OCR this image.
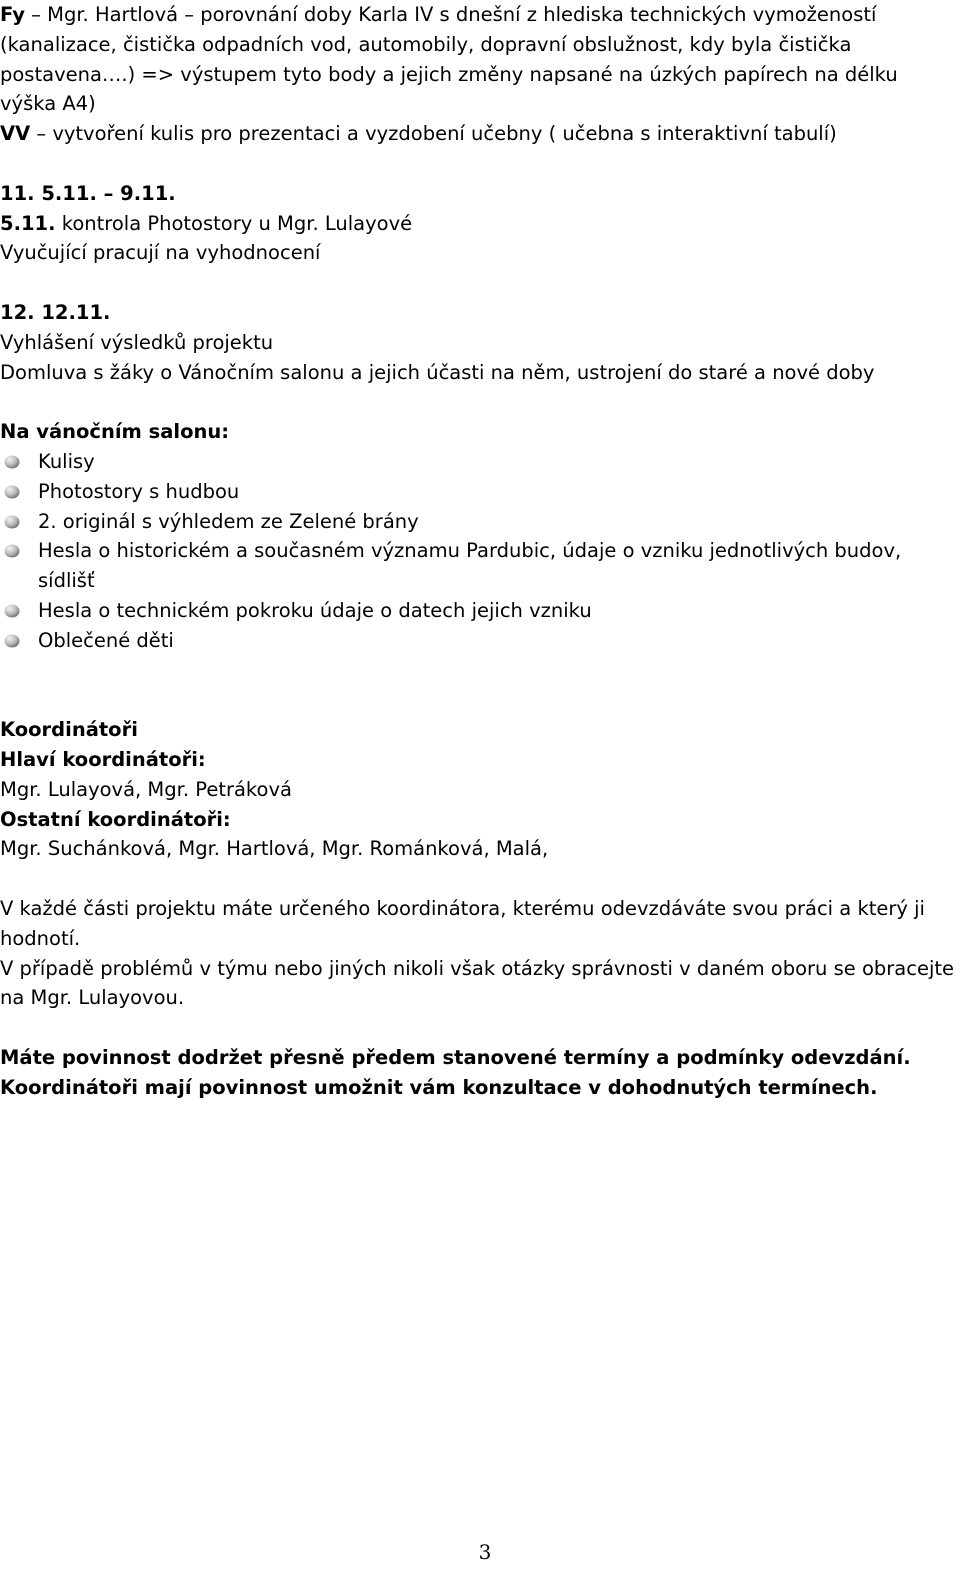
Fy – Mgr. Hartlová – porovnání doby Karla IV s dnešní z hlediska technických vymožeností (kanalizace, čistička odpadních vod, automobily, dopravní obslužnost, kdy byla čistička postavena….) => výstupem tyto body a jejich změny napsané na úzkých papírech na délku výška A4)
VV – vytvoření kulis pro prezentaci a vyzdobení učebny ( učebna s interaktivní tabulí)
11. 5.11. – 9.11.
5.11. kontrola Photostory u Mgr. Lulayové
Vyučující pracují na vyhodnocení
12. 12.11.
Vyhlášení výsledků projektu
Domluva s žáky o Vánočním salonu a jejich účasti na něm, ustrojení do staré a nové doby
Na vánočním salonu:
Kulisy
Photostory s hudbou
2. originál s výhledem ze Zelené brány
Hesla o historickém a současném významu Pardubic, údaje o vzniku jednotlivých budov, sídlišť
Hesla o technickém pokroku údaje o datech jejich vzniku
Oblečené děti
Koordinátoři
Hlaví koordinátoři:
Mgr. Lulayová, Mgr. Petráková
Ostatní koordinátoři:
Mgr. Suchánková, Mgr. Hartlová, Mgr. Románková, Malá,
V každé části projektu máte určeného koordinátora, kterému odevzdáváte svou práci a který ji hodnotí.
V případě problémů v týmu nebo jiných nikoli však otázky správnosti v daném oboru se obracejte na Mgr. Lulayovou.
Máte povinnost dodržet přesně předem stanovené termíny a podmínky odevzdání.
Koordinátoři mají povinnost umožnit vám konzultace v dohodnutých termínech.
3
